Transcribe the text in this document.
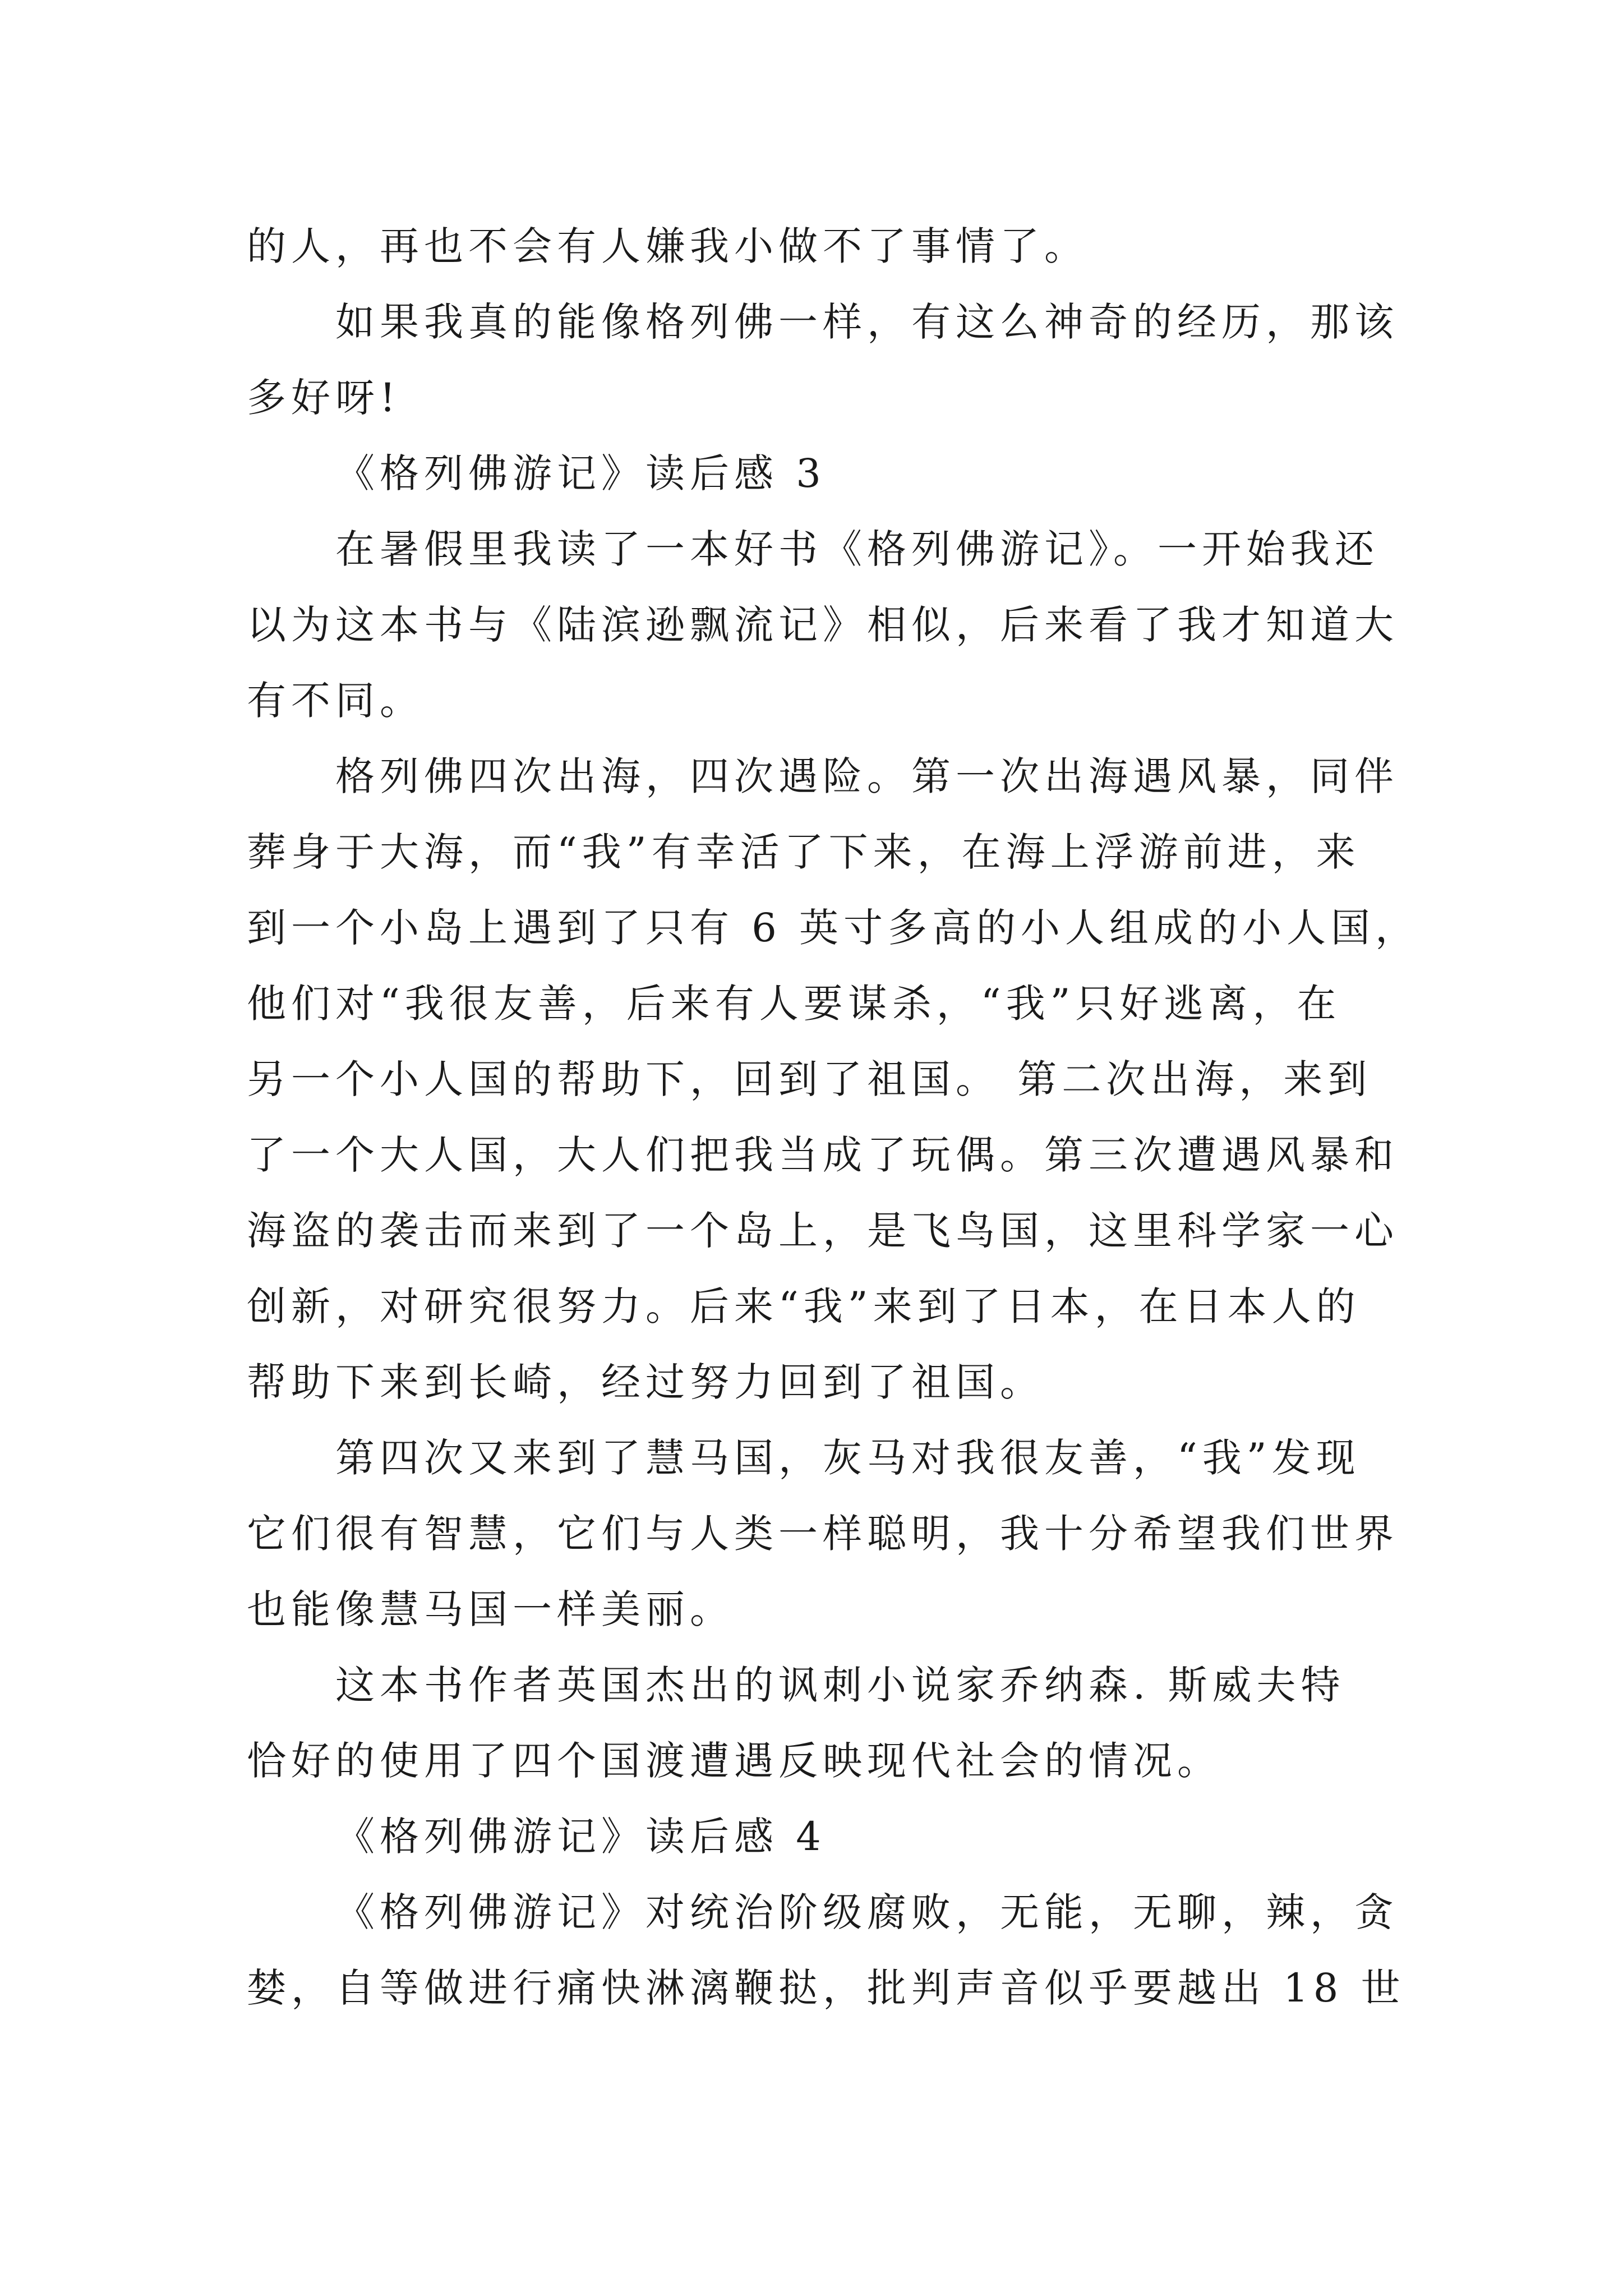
的人，再也不会有人嫌我小做不了事情了。
如果我真的能像格列佛一样，有这么神奇的经历，那该
多好呀!
《格列佛游记》读后感 3
在暑假里我读了一本好书《格列佛游记》。一开始我还
以为这本书与《陆滨逊飘流记》相似，后来看了我才知道大
有不同。
格列佛四次出海，四次遇险。第一次出海遇风暴，同伴
葬身于大海，而“我”有幸活了下来，在海上浮游前进，来
到一个小岛上遇到了只有 6 英寸多高的小人组成的小人国，
他们对“我很友善，后来有人要谋杀，“我”只好逃离，在
另一个小人国的帮助下，回到了祖国。 第二次出海，来到
了一个大人国，大人们把我当成了玩偶。第三次遭遇风暴和
海盗的袭击而来到了一个岛上，是飞鸟国，这里科学家一心
创新，对研究很努力。后来“我”来到了日本，在日本人的
帮助下来到长崎，经过努力回到了祖国。
第四次又来到了慧马国，灰马对我很友善，“我”发现
它们很有智慧，它们与人类一样聪明，我十分希望我们世界
也能像慧马国一样美丽。
这本书作者英国杰出的讽刺小说家乔纳森. 斯威夫特
恰好的使用了四个国渡遭遇反映现代社会的情况。
《格列佛游记》读后感 4
《格列佛游记》对统治阶级腐败，无能，无聊，辣，贪
婪，自等做进行痛快淋漓鞭挞，批判声音似乎要越出 18 世
